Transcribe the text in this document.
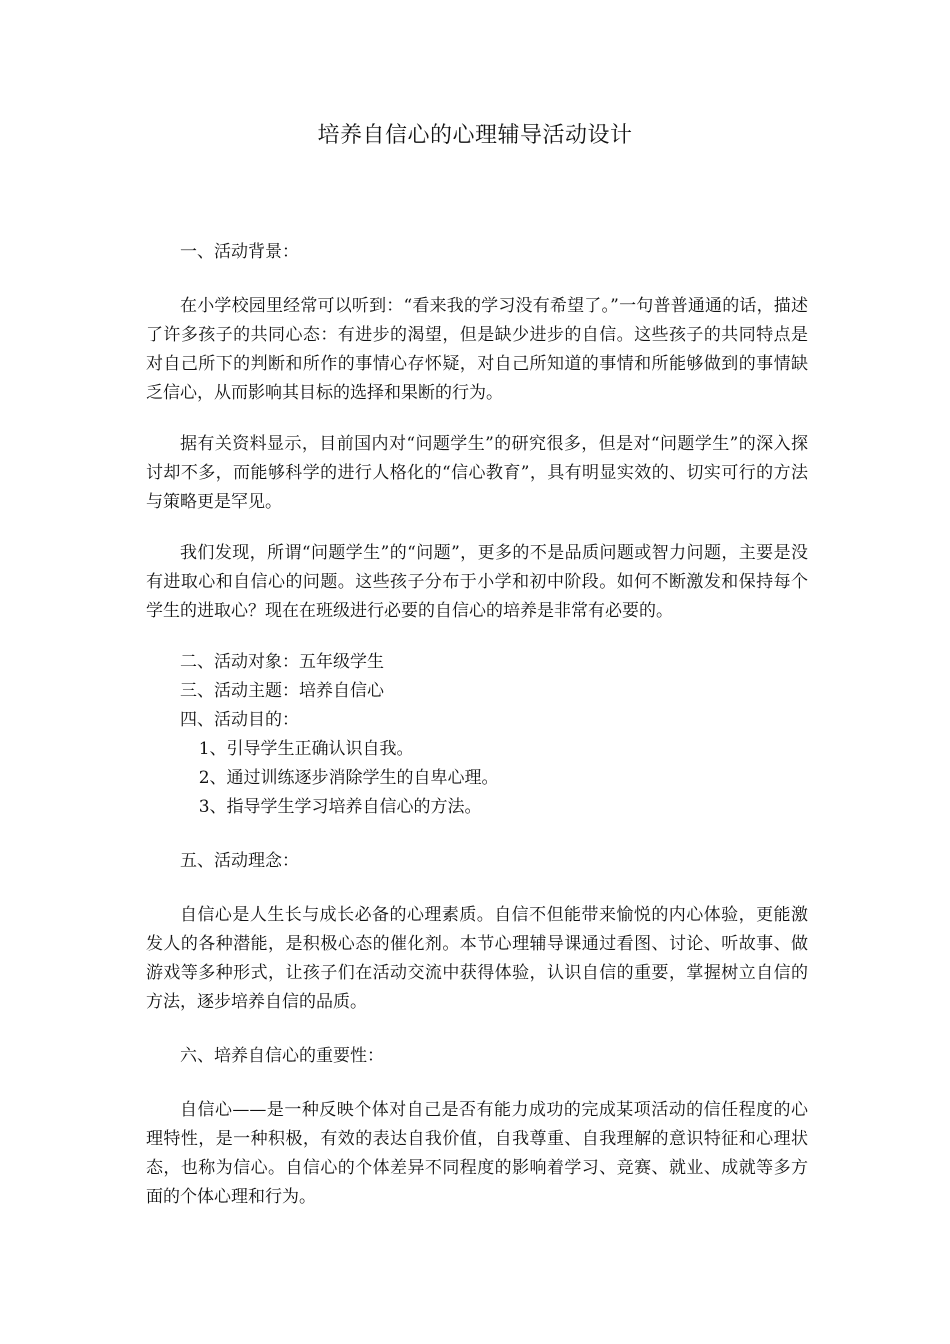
培养自信心的心理辅导活动设计

一、活动背景：

在小学校园里经常可以听到：“看来我的学习没有希望了。”一句普普通通的话，描述了许多孩子的共同心态：有进步的渴望，但是缺少进步的自信。这些孩子的共同特点是对自己所下的判断和所作的事情心存怀疑，对自己所知道的事情和所能够做到的事情缺乏信心，从而影响其目标的选择和果断的行为。

据有关资料显示，目前国内对“问题学生”的研究很多，但是对“问题学生”的深入探讨却不多，而能够科学的进行人格化的“信心教育”，具有明显实效的、切实可行的方法与策略更是罕见。

我们发现，所谓“问题学生”的“问题”，更多的不是品质问题或智力问题，主要是没有进取心和自信心的问题。这些孩子分布于小学和初中阶段。如何不断激发和保持每个学生的进取心？现在在班级进行必要的自信心的培养是非常有必要的。

二、活动对象：五年级学生

三、活动主题：培养自信心

四、活动目的：

1、引导学生正确认识自我。

2、通过训练逐步消除学生的自卑心理。

3、指导学生学习培养自信心的方法。

五、活动理念：

自信心是人生长与成长必备的心理素质。自信不但能带来愉悦的内心体验，更能激发人的各种潜能，是积极心态的催化剂。本节心理辅导课通过看图、讨论、听故事、做游戏等多种形式，让孩子们在活动交流中获得体验，认识自信的重要，掌握树立自信的方法，逐步培养自信的品质。

六、培养自信心的重要性：

自信心——是一种反映个体对自己是否有能力成功的完成某项活动的信任程度的心理特性，是一种积极，有效的表达自我价值，自我尊重、自我理解的意识特征和心理状态，也称为信心。自信心的个体差异不同程度的影响着学习、竞赛、就业、成就等多方面的个体心理和行为。
